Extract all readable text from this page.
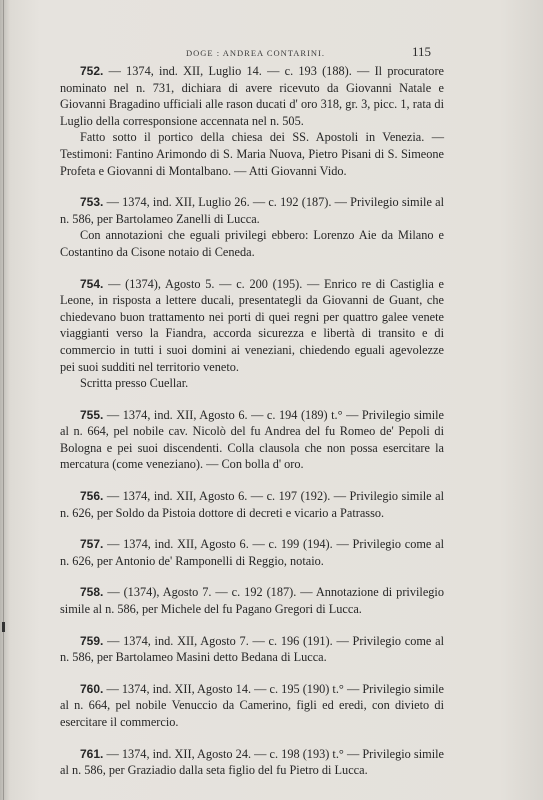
DOGE : ANDREA CONTARINI.	115

752. — 1374, ind. XII, Luglio 14. — c. 193 (188). — Il procuratore nominato nel n. 731, dichiara di avere ricevuto da Giovanni Natale e Giovanni Bragadino ufficiali alle rason ducati d' oro 318, gr. 3, picc. 1, rata di Luglio della corresponsione accennata nel n. 505.

Fatto sotto il portico della chiesa dei SS. Apostoli in Venezia. — Testimoni: Fantino Arimondo di S. Maria Nuova, Pietro Pisani di S. Simeone Profeta e Giovanni di Montalbano. — Atti Giovanni Vido.

753. — 1374, ind. XII, Luglio 26. — c. 192 (187). — Privilegio simile al n. 586, per Bartolameo Zanelli di Lucca.

Con annotazioni che eguali privilegi ebbero: Lorenzo Aie da Milano e Costantino da Cisone notaio di Ceneda.

754. — (1374), Agosto 5. — c. 200 (195). — Enrico re di Castiglia e Leone, in risposta a lettere ducali, presentategli da Giovanni de Guant, che chiedevano buon trattamento nei porti di quei regni per quattro galee venete viaggianti verso la Fiandra, accorda sicurezza e libertà di transito e di commercio in tutti i suoi domini ai veneziani, chiedendo eguali agevolezze pei suoi sudditi nel territorio veneto.

Scritta presso Cuellar.

755. — 1374, ind. XII, Agosto 6. — c. 194 (189) t.° — Privilegio simile al n. 664, pel nobile cav. Nicolò del fu Andrea del fu Romeo de' Pepoli di Bologna e pei suoi discendenti. Colla clausola che non possa esercitare la mercatura (come veneziano). — Con bolla d' oro.

756. — 1374, ind. XII, Agosto 6. — c. 197 (192). — Privilegio simile al n. 626, per Soldo da Pistoia dottore di decreti e vicario a Patrasso.

757. — 1374, ind. XII, Agosto 6. — c. 199 (194). — Privilegio come al n. 626, per Antonio de' Ramponelli di Reggio, notaio.

758. — (1374), Agosto 7. — c. 192 (187). — Annotazione di privilegio simile al n. 586, per Michele del fu Pagano Gregori di Lucca.

759. — 1374, ind. XII, Agosto 7. — c. 196 (191). — Privilegio come al n. 586, per Bartolameo Masini detto Bedana di Lucca.

760. — 1374, ind. XII, Agosto 14. — c. 195 (190) t.° — Privilegio simile al n. 664, pel nobile Venuccio da Camerino, figli ed eredi, con divieto di esercitare il commercio.

761. — 1374, ind. XII, Agosto 24. — c. 198 (193) t.° — Privilegio simile al n. 586, per Graziadio dalla seta figlio del fu Pietro di Lucca.
